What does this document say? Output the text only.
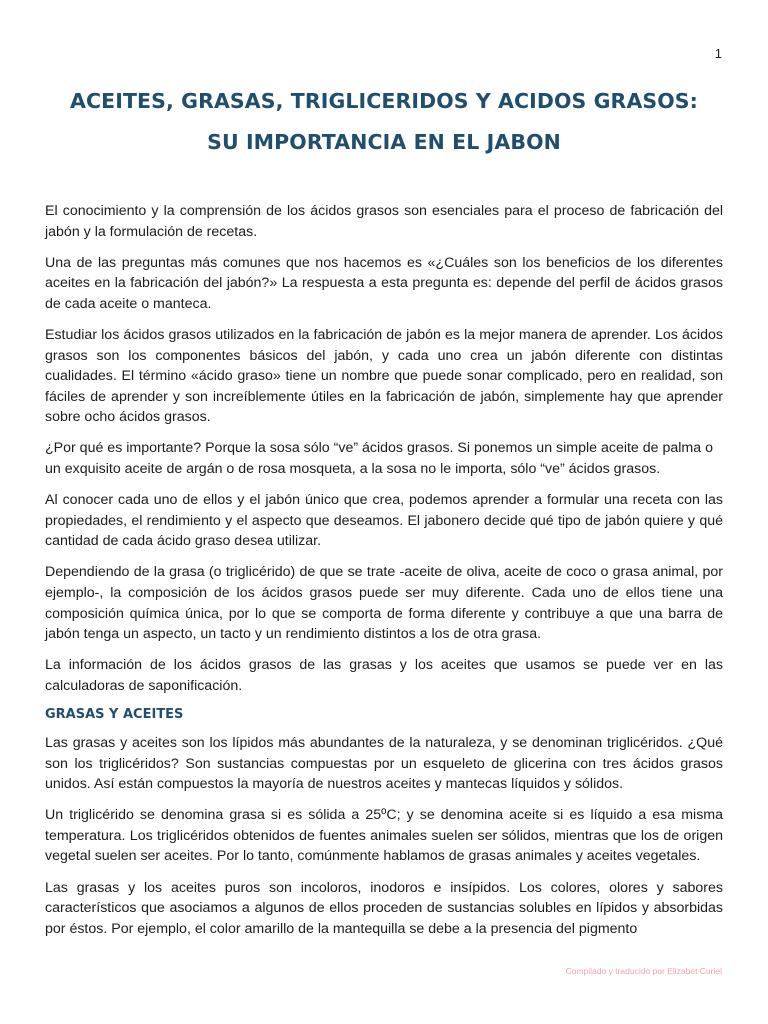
1
ACEITES, GRASAS, TRIGLICERIDOS Y ACIDOS GRASOS:
SU IMPORTANCIA EN EL JABON

El conocimiento y la comprensión de los ácidos grasos son esenciales para el proceso de fabricación del jabón y la formulación de recetas.

Una de las preguntas más comunes que nos hacemos es «¿Cuáles son los beneficios de los diferentes aceites en la fabricación del jabón?» La respuesta a esta pregunta es: depende del perfil de ácidos grasos de cada aceite o manteca.

Estudiar los ácidos grasos utilizados en la fabricación de jabón es la mejor manera de aprender. Los ácidos grasos son los componentes básicos del jabón, y cada uno crea un jabón diferente con distintas cualidades. El término «ácido graso» tiene un nombre que puede sonar complicado, pero en realidad, son fáciles de aprender y son increíblemente útiles en la fabricación de jabón, simplemente hay que aprender sobre ocho ácidos grasos.

¿Por qué es importante? Porque la sosa sólo “ve” ácidos grasos. Si ponemos un simple aceite de palma o un exquisito aceite de argán o de rosa mosqueta, a la sosa no le importa, sólo “ve” ácidos grasos.

Al conocer cada uno de ellos y el jabón único que crea, podemos aprender a formular una receta con las propiedades, el rendimiento y el aspecto que deseamos. El jabonero decide qué tipo de jabón quiere y qué cantidad de cada ácido graso desea utilizar.

Dependiendo de la grasa (o triglicérido) de que se trate -aceite de oliva, aceite de coco o grasa animal, por ejemplo-, la composición de los ácidos grasos puede ser muy diferente. Cada uno de ellos tiene una composición química única, por lo que se comporta de forma diferente y contribuye a que una barra de jabón tenga un aspecto, un tacto y un rendimiento distintos a los de otra grasa.

La información de los ácidos grasos de las grasas y los aceites que usamos se puede ver en las calculadoras de saponificación.

GRASAS Y ACEITES

Las grasas y aceites son los lípidos más abundantes de la naturaleza, y se denominan triglicéridos. ¿Qué son los triglicéridos? Son sustancias compuestas por un esqueleto de glicerina con tres ácidos grasos unidos. Así están compuestos la mayoría de nuestros aceites y mantecas líquidos y sólidos.

Un triglicérido se denomina grasa si es sólida a 25ºC; y se denomina aceite si es líquido a esa misma temperatura. Los triglicéridos obtenidos de fuentes animales suelen ser sólidos, mientras que los de origen vegetal suelen ser aceites. Por lo tanto, comúnmente hablamos de grasas animales y aceites vegetales.

Las grasas y los aceites puros son incoloros, inodoros e insípidos. Los colores, olores y sabores característicos que asociamos a algunos de ellos proceden de sustancias solubles en lípidos y absorbidas por éstos. Por ejemplo, el color amarillo de la mantequilla se debe a la presencia del pigmento

Compilado y traducido por Elizabet Curiel
